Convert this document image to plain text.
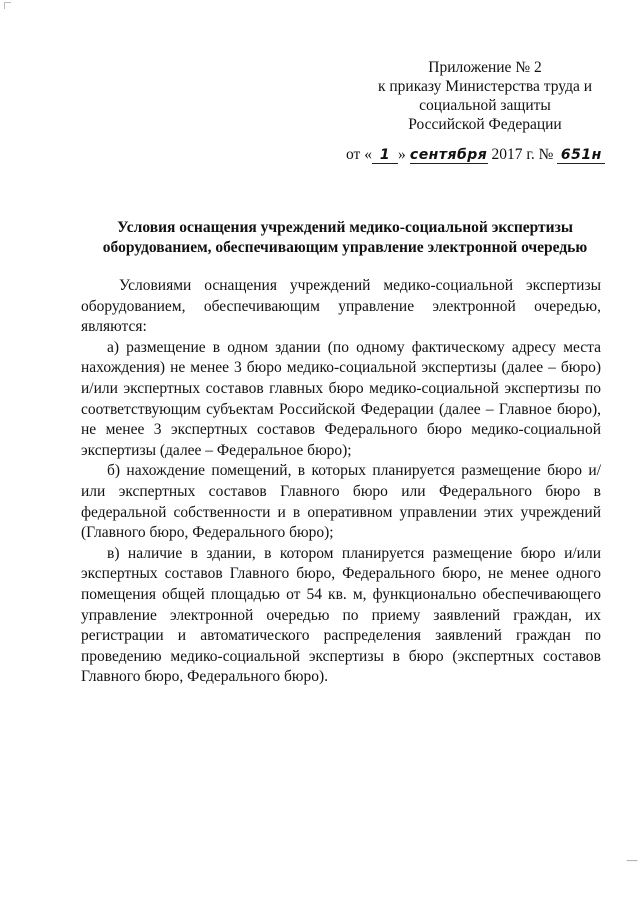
Приложение № 2
к приказу Министерства труда и
социальной защиты
Российской Федерации
от « 1 » сентября 2017 г. № 651н
Условия оснащения учреждений медико-социальной экспертизы
оборудованием, обеспечивающим управление электронной очередью

Условиями оснащения учреждений медико-социальной экспертизы оборудованием, обеспечивающим управление электронной очередью, являются:

а) размещение в одном здании (по одному фактическому адресу места нахождения) не менее 3 бюро медико-социальной экспертизы (далее – бюро) и/или экспертных составов главных бюро медико-социальной экспертизы по соответствующим субъектам Российской Федерации (далее – Главное бюро), не менее 3 экспертных составов Федерального бюро медико-социальной экспертизы (далее – Федеральное бюро);

б) нахождение помещений, в которых планируется размещение бюро и/или экспертных составов Главного бюро или Федерального бюро в федеральной собственности и в оперативном управлении этих учреждений (Главного бюро, Федерального бюро);

в) наличие в здании, в котором планируется размещение бюро и/или экспертных составов Главного бюро, Федерального бюро, не менее одного помещения общей площадью от 54 кв. м, функционально обеспечивающего управление электронной очередью по приему заявлений граждан, их регистрации и автоматического распределения заявлений граждан по проведению медико-социальной экспертизы в бюро (экспертных составов Главного бюро, Федерального бюро).

│
